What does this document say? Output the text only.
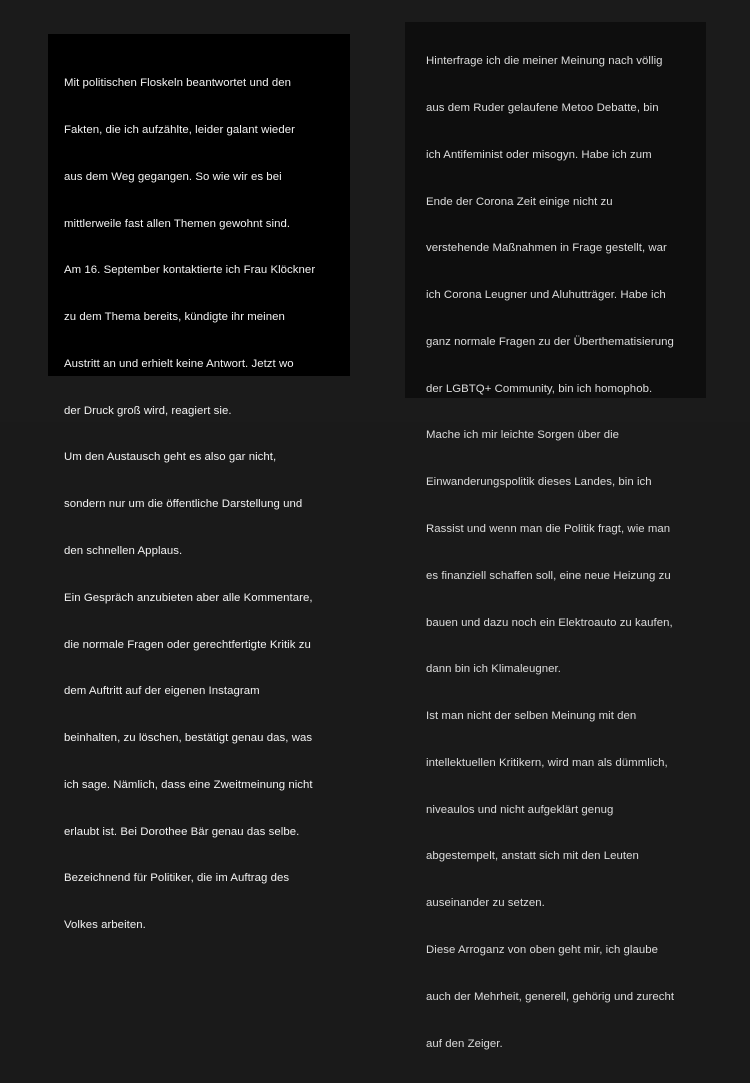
Mit politischen Floskeln beantwortet und den

Fakten, die ich aufzählte, leider galant wieder

aus dem Weg gegangen. So wie wir es bei

mittlerweile fast allen Themen gewohnt sind.

Am 16. September kontaktierte ich Frau Klöckner

zu dem Thema bereits, kündigte ihr meinen

Austritt an und erhielt keine Antwort. Jetzt wo

der Druck groß wird, reagiert sie.

Um den Austausch geht es also gar nicht,

sondern nur um die öffentliche Darstellung und

den schnellen Applaus.

Ein Gespräch anzubieten aber alle Kommentare,

die normale Fragen oder gerechtfertigte Kritik zu

dem Auftritt auf der eigenen Instagram

beinhalten, zu löschen, bestätigt genau das, was

ich sage. Nämlich, dass eine Zweitmeinung nicht

erlaubt ist. Bei Dorothee Bär genau das selbe.

Bezeichnend für Politiker, die im Auftrag des

Volkes arbeiten.

Hinterfrage ich die meiner Meinung nach völlig

aus dem Ruder gelaufene Metoo Debatte, bin

ich Antifeminist oder misogyn. Habe ich zum

Ende der Corona Zeit einige nicht zu

verstehende Maßnahmen in Frage gestellt, war

ich Corona Leugner und Aluhutträger. Habe ich

ganz normale Fragen zu der Überthematisierung

der LGBTQ+ Community, bin ich homophob.

Mache ich mir leichte Sorgen über die

Einwanderungspolitik dieses Landes, bin ich

Rassist und wenn man die Politik fragt, wie man

es finanziell schaffen soll, eine neue Heizung zu

bauen und dazu noch ein Elektroauto zu kaufen,

dann bin ich Klimaleugner.

Ist man nicht der selben Meinung mit den

intellektuellen Kritikern, wird man als dümmlich,

niveaulos und nicht aufgeklärt genug

abgestempelt, anstatt sich mit den Leuten

auseinander zu setzen.

Diese Arroganz von oben geht mir, ich glaube

auch der Mehrheit, generell, gehörig und zurecht

auf den Zeiger.
